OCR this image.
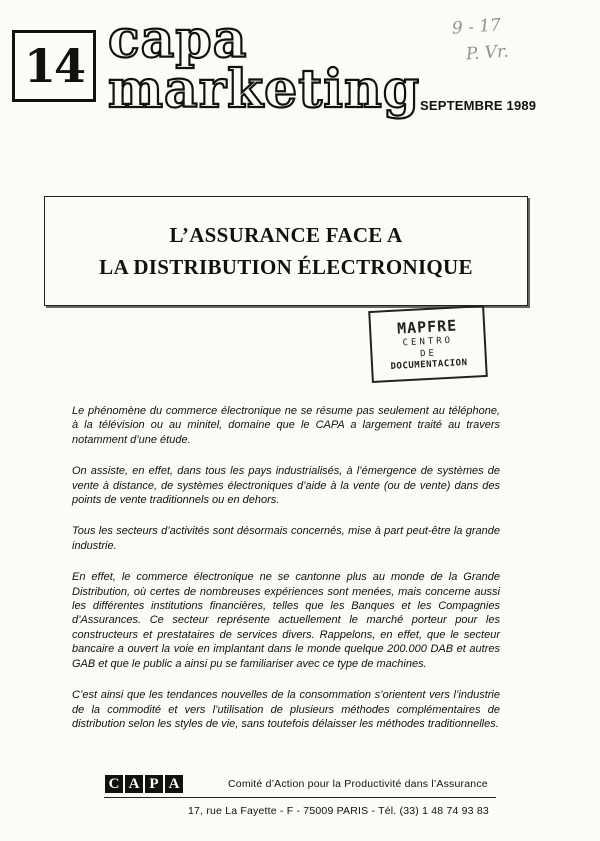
14 capa
marketing
9 - 17
P. Vr.
SEPTEMBRE 1989
L’ASSURANCE FACE A
LA DISTRIBUTION ÉLECTRONIQUE
MAPFRE
CENTRO
DE
DOCUMENTACION

Le phénomène du commerce électronique ne se résume pas seulement au téléphone, à la télévision ou au minitel, domaine que le CAPA a largement traité au travers notamment d’une étude.

On assiste, en effet, dans tous les pays industrialisés, à l’émergence de systèmes de vente à distance, de systèmes électroniques d’aide à la vente (ou de vente) dans des points de vente traditionnels ou en dehors.

Tous les secteurs d’activités sont désormais concernés, mise à part peut-être la grande industrie.

En effet, le commerce électronique ne se cantonne plus au monde de la Grande Distribution, où certes de nombreuses expériences sont menées, mais concerne aussi les différentes institutions financières, telles que les Banques et les Compagnies d’Assurances. Ce secteur représente actuellement le marché porteur pour les constructeurs et prestataires de services divers. Rappelons, en effet, que le secteur bancaire a ouvert la voie en implantant dans le monde quelque 200.000 DAB et autres GAB et que le public a ainsi pu se familiariser avec ce type de machines.

C’est ainsi que les tendances nouvelles de la consommation s’orientent vers l’industrie de la commodité et vers l’utilisation de plusieurs méthodes complémentaires de distribution selon les styles de vie, sans toutefois délaisser les méthodes traditionnelles.

C A P A	Comité d’Action pour la Productivité dans l’Assurance
17, rue La Fayette - F - 75009 PARIS - Tél. (33) 1 48 74 93 83
